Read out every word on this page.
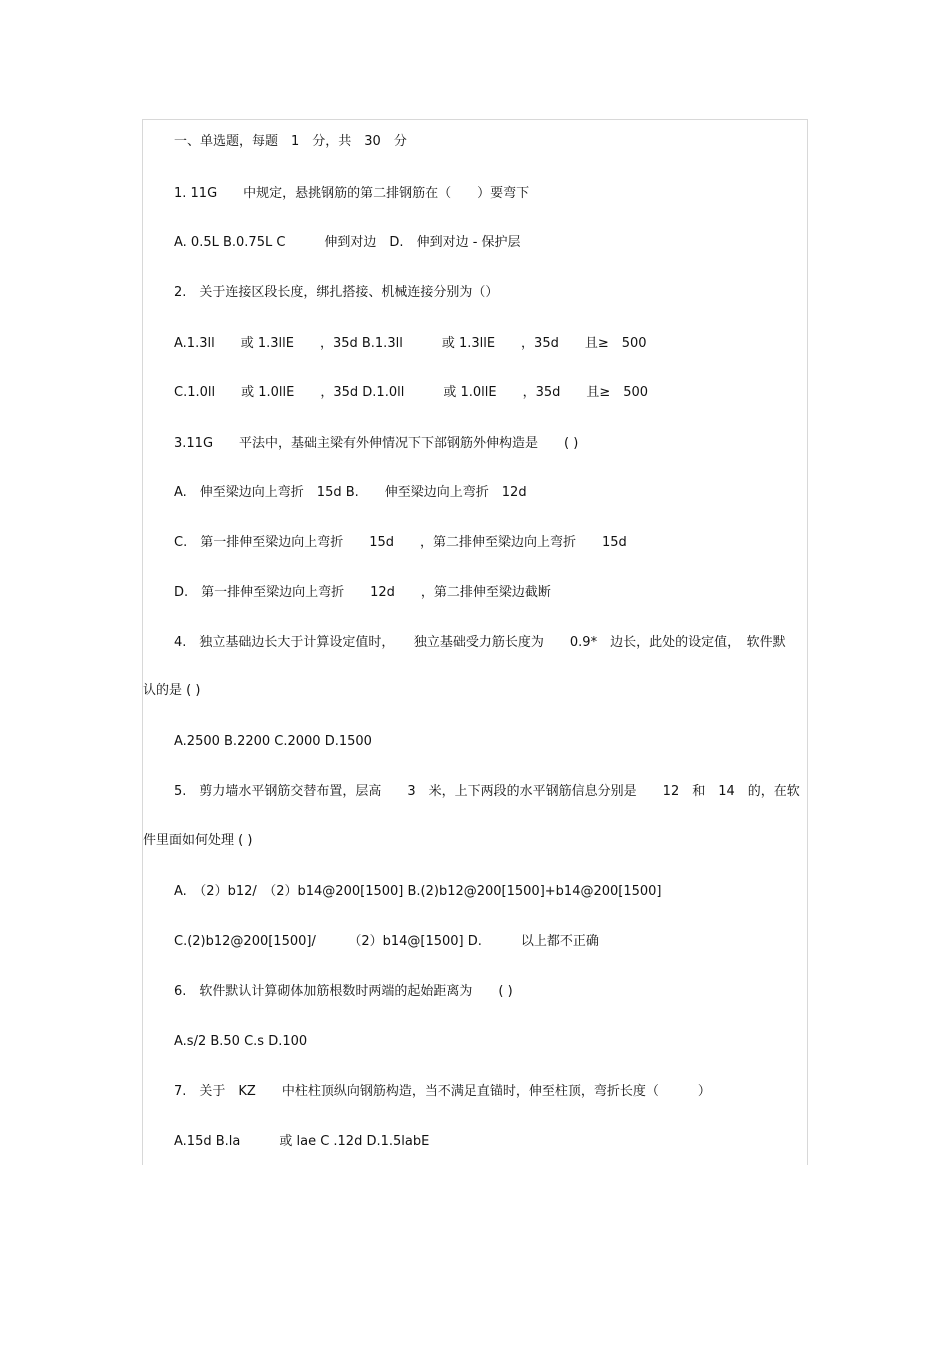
一、单选题，每题　1　分，共　30　分
1. 11G　　中规定，悬挑钢筋的第二排钢筋在（　　）要弯下
A. 0.5L B.0.75L C　　　伸到对边　D.　伸到对边 - 保护层
2.　关于连接区段长度，绑扎搭接、机械连接分别为（）
A.1.3ll　　或 1.3llE　　，35d B.1.3ll　　　或 1.3llE　　，35d　　且≥　500
C.1.0ll　　或 1.0llE　　，35d D.1.0ll　　　或 1.0llE　　，35d　　且≥　500
3.11G　　平法中，基础主梁有外伸情况下下部钢筋外伸构造是　　( )
A.　伸至梁边向上弯折　15d B.　　伸至梁边向上弯折　12d
C.　第一排伸至梁边向上弯折　　15d　　，第二排伸至梁边向上弯折　　15d
D.　第一排伸至梁边向上弯折　　12d　　，第二排伸至梁边截断
4.　独立基础边长大于计算设定值时，　　独立基础受力筋长度为　　0.9*　边长，此处的设定值，　软件默
认的是 ( )
A.2500 B.2200 C.2000 D.1500
5.　剪力墙水平钢筋交替布置，层高　　3　米，上下两段的水平钢筋信息分别是　　12　和　14　的，在软
件里面如何处理 ( )
A.　（2）b12/　（2）b14@200[1500] B.(2)b12@200[1500]+b14@200[1500]
C.(2)b12@200[1500]/　　　（2）b14@[1500] D.　　　以上都不正确
6.　软件默认计算砌体加筋根数时两端的起始距离为　　( )
A.s/2 B.50 C.s D.100
7.　关于　KZ　　中柱柱顶纵向钢筋构造，当不满足直锚时，伸至柱顶，弯折长度（　　　）
A.15d B.la　　　或 lae C .12d D.1.5labE
